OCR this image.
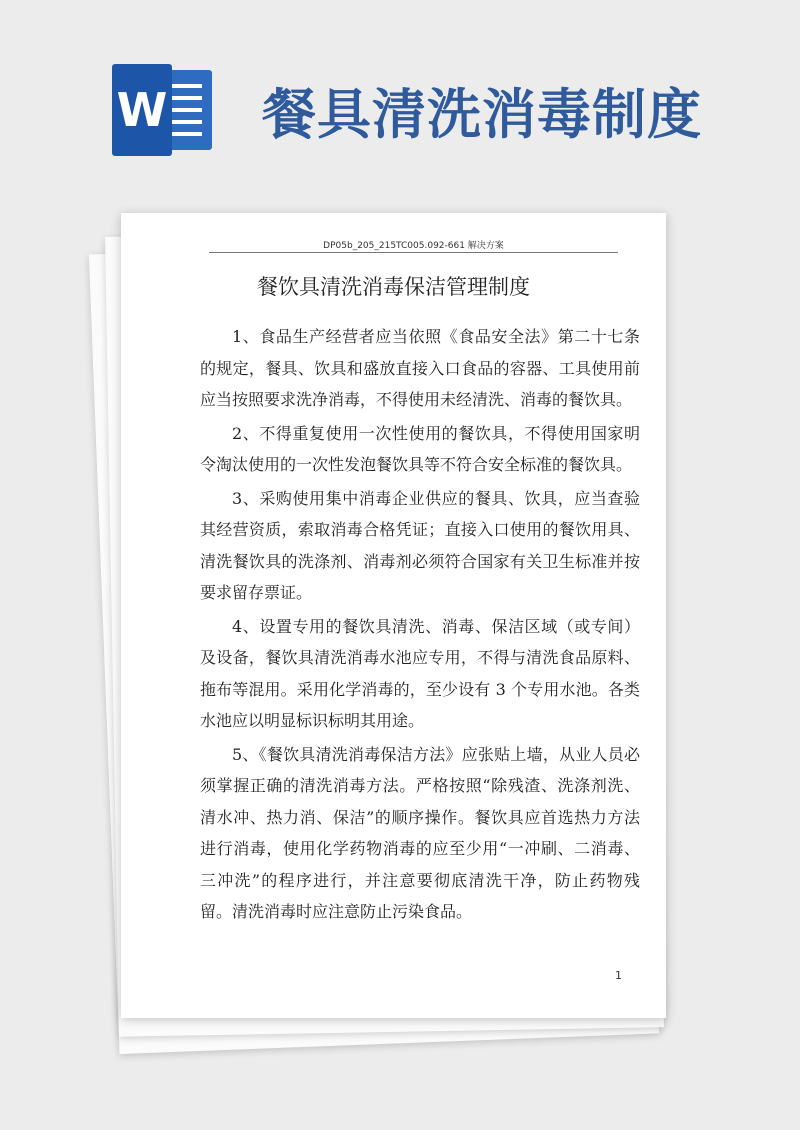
W 餐具清洗消毒制度
DP05b_205_215TC005.092-661 解决方案
餐饮具清洗消毒保洁管理制度

1、食品生产经营者应当依照《食品安全法》第二十七条的规定，餐具、饮具和盛放直接入口食品的容器、工具使用前应当按照要求洗净消毒，不得使用未经清洗、消毒的餐饮具。

2、不得重复使用一次性使用的餐饮具，不得使用国家明令淘汰使用的一次性发泡餐饮具等不符合安全标准的餐饮具。

3、采购使用集中消毒企业供应的餐具、饮具，应当查验其经营资质，索取消毒合格凭证；直接入口使用的餐饮用具、清洗餐饮具的洗涤剂、消毒剂必须符合国家有关卫生标准并按要求留存票证。

4、设置专用的餐饮具清洗、消毒、保洁区域（或专间）及设备，餐饮具清洗消毒水池应专用，不得与清洗食品原料、拖布等混用。采用化学消毒的，至少设有 3 个专用水池。各类水池应以明显标识标明其用途。

5、《餐饮具清洗消毒保洁方法》应张贴上墙，从业人员必须掌握正确的清洗消毒方法。严格按照“除残渣、洗涤剂洗、清水冲、热力消、保洁”的顺序操作。餐饮具应首选热力方法进行消毒，使用化学药物消毒的应至少用“一冲刷、二消毒、三冲洗”的程序进行，并注意要彻底清洗干净，防止药物残留。清洗消毒时应注意防止污染食品。

1
